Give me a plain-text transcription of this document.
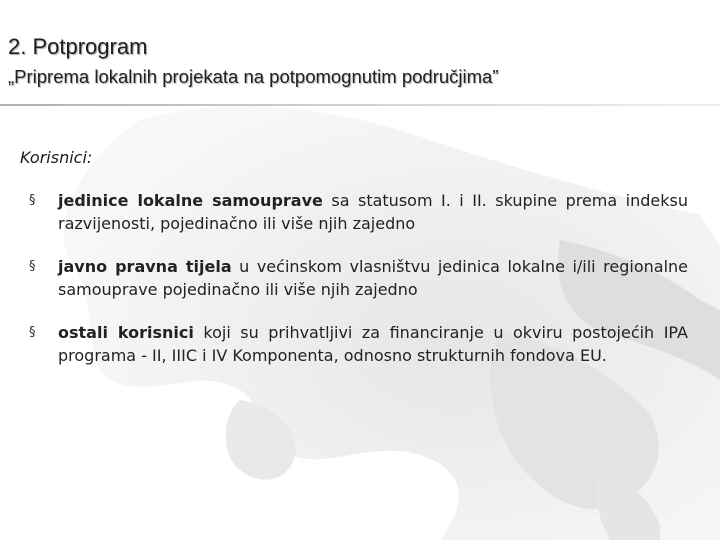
2. Potprogram
„Priprema lokalnih projekata na potpomognutim područjima”

Korisnici:

§ jedinice lokalne samouprave sa statusom I. i II. skupine prema indeksu razvijenosti, pojedinačno ili više njih zajedno
§ javno pravna tijela u većinskom vlasništvu jedinica lokalne i/ili regionalne samouprave pojedinačno ili više njih zajedno
§ ostali korisnici koji su prihvatljivi za financiranje u okviru postojećih IPA programa - II, IIIC i IV Komponenta, odnosno strukturnih fondova EU.
